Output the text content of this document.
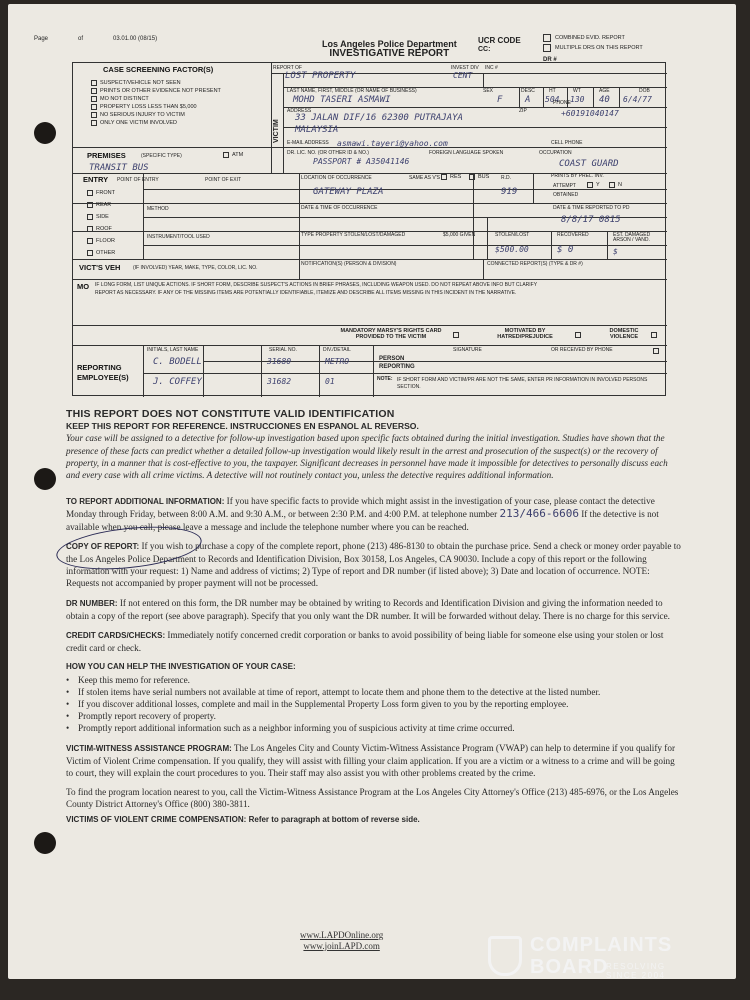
Page	of	03.01.00 (08/15)	Los Angeles Police Department
INVESTIGATIVE REPORT
UCR CODE
CC:
COMBINED EVID. REPORT
MULTIPLE DRS ON THIS REPORT
DR #
CASE SCREENING FACTOR(S)
SUSPECT/VEHICLE NOT SEEN
PRINTS OR OTHER EVIDENCE NOT PRESENT
MO NOT DISTINCT
PROPERTY LOSS LESS THAN $5,000
NO SERIOUS INJURY TO VICTIM
ONLY ONE VICTIM INVOLVED
REPORT OF
LOST PROPERTY
INVEST DIV
CENT
INC #
VICTIM
LAST NAME, FIRST, MIDDLE (OR NAME OF BUSINESS)
MOHD TASERI ASMAWI
SEX
F
DESC
A
HT
504
WT
130
AGE
40
DOB
6/4/77
ADDRESS
33 JALAN DIF/16 62300 PUTRAJAYA
MALAYSIA
ZIP
PHONE
+60191040147
E-MAIL ADDRESS asmawi.tayeri@yahoo.com	CELL PHONE
DR. LIC. NO. (OR OTHER ID & NO.)
PASSPORT # A35041146
FOREIGN LANGUAGE SPOKEN	OCCUPATION
COAST GUARD
PREMISES	(SPECIFIC TYPE)	ATM
TRANSIT BUS
LOCATION OF OCCURRENCE
GATEWAY PLAZA
SAME AS V'S	RES	BUS R.D.
919
PRINTS BY PREL. INV.
ATTEMPT
OBTAINED
Y	N
ENTRY POINT OF ENTRY	POINT OF EXIT
FRONT
REAR
SIDE
ROOF
FLOOR
OTHER
METHOD	DATE & TIME OF OCCURRENCE	DATE & TIME REPORTED TO PD
8/8/17 0815
INSTRUMENT/TOOL USED	TYPE PROPERTY STOLEN/LOST/DAMAGED	$5,000 GIVEN	STOLEN/LOST
$500.00
RECOVERED
$ 0
EST. DAMAGED ARSON / VAND.
$
VICT'S VEH	(IF INVOLVED) YEAR, MAKE, TYPE, COLOR, LIC. NO.
NOTIFICATION(S) (PERSON & DIVISION)	CONNECTED REPORT(S) (TYPE & DR #)
MO IF LONG FORM, LIST UNIQUE ACTIONS. IF SHORT FORM, DESCRIBE SUSPECT'S ACTIONS IN BRIEF PHRASES, INCLUDING WEAPON USED. DO NOT REPEAT ABOVE INFO BUT CLARIFY
REPORT AS NECESSARY. IF ANY OF THE MISSING ITEMS ARE POTENTIALLY IDENTIFIABLE, ITEMIZE AND DESCRIBE ALL ITEMS MISSING IN THIS INCIDENT IN THE NARRATIVE.
MANDATORY MARSY'S RIGHTS CARD PROVIDED TO THE VICTIM
MOTIVATED BY HATRED/PREJUDICE
DOMESTIC VIOLENCE
REPORTING EMPLOYEE(S)
INITIALS, LAST NAME	SERIAL NO.	DIV./DETAIL
C. BODELL	31680	METRO
J. COFFEY	31682	01
PERSON REPORTING
SIGNATURE	OR RECEIVED BY PHONE
NOTE: IF SHORT FORM AND VICTIM/PR ARE NOT THE SAME, ENTER PR INFORMATION IN INVOLVED PERSONS SECTION.
THIS REPORT DOES NOT CONSTITUTE VALID IDENTIFICATION
KEEP THIS REPORT FOR REFERENCE. INSTRUCCIONES EN ESPANOL AL REVERSO.

Your case will be assigned to a detective for follow-up investigation based upon specific facts obtained during the initial investigation. Studies have shown that the presence of these facts can predict whether a detailed follow-up investigation would likely result in the arrest and prosecution of the suspect(s) or the recovery of property, in a manner that is cost-effective to you, the taxpayer. Significant decreases in personnel have made it impossible for detectives to personally discuss each and every case with all crime victims. A detective will not routinely contact you, unless the detective requires additional information.

TO REPORT ADDITIONAL INFORMATION: If you have specific facts to provide which might assist in the investigation of your case, please contact the detective Monday through Friday, between 8:00 A.M. and 9:30 A.M., or between 2:30 P.M. and 4:00 P.M. at telephone number 213/466-6606 If the detective is not available when you call, please leave a message and include the telephone number where you can be reached.

COPY OF REPORT: If you wish to purchase a copy of the complete report, phone (213) 486-8130 to obtain the purchase price. Send a check or money order payable to the Los Angeles Police Department to Records and Identification Division, Box 30158, Los Angeles, CA 90030. Include a copy of this report or the following information with your request: 1) Name and address of victims; 2) Type of report and DR number (if listed above); 3) Date and location of occurrence. NOTE: Requests not accompanied by proper payment will not be processed.

DR NUMBER: If not entered on this form, the DR number may be obtained by writing to Records and Identification Division and giving the information needed to obtain a copy of the report (see above paragraph). Specify that you only want the DR number. It will be forwarded without delay. There is no charge for this service.

CREDIT CARDS/CHECKS: Immediately notify concerned credit corporation or banks to avoid possibility of being liable for someone else using your stolen or lost credit card or check.

HOW YOU CAN HELP THE INVESTIGATION OF YOUR CASE:
• Keep this memo for reference.
• If stolen items have serial numbers not available at time of report, attempt to locate them and phone them to the detective at the listed number.
• If you discover additional losses, complete and mail in the Supplemental Property Loss form given to you by the reporting employee.
• Promptly report recovery of property.
• Promptly report additional information such as a neighbor informing you of suspicious activity at time crime occurred.

VICTIM-WITNESS ASSISTANCE PROGRAM: The Los Angeles City and County Victim-Witness Assistance Program (VWAP) can help to determine if you qualify for Victim of Violent Crime compensation. If you qualify, they will assist with filling your claim application. If you are a victim or a witness to a crime and will be going to court, they will explain the court procedures to you. Their staff may also assist you with other problems created by the crime.

To find the program location nearest to you, call the Victim-Witness Assistance Program at the Los Angeles City Attorney's Office (213) 485-6976, or the Los Angeles County District Attorney's Office (800) 380-3811.

VICTIMS OF VIOLENT CRIME COMPENSATION: Refer to paragraph at bottom of reverse side.

www.LAPDOnline.org
www.joinLAPD.com	COMPLAINTS
BOARD
RESOLVING
SINCE 2004
